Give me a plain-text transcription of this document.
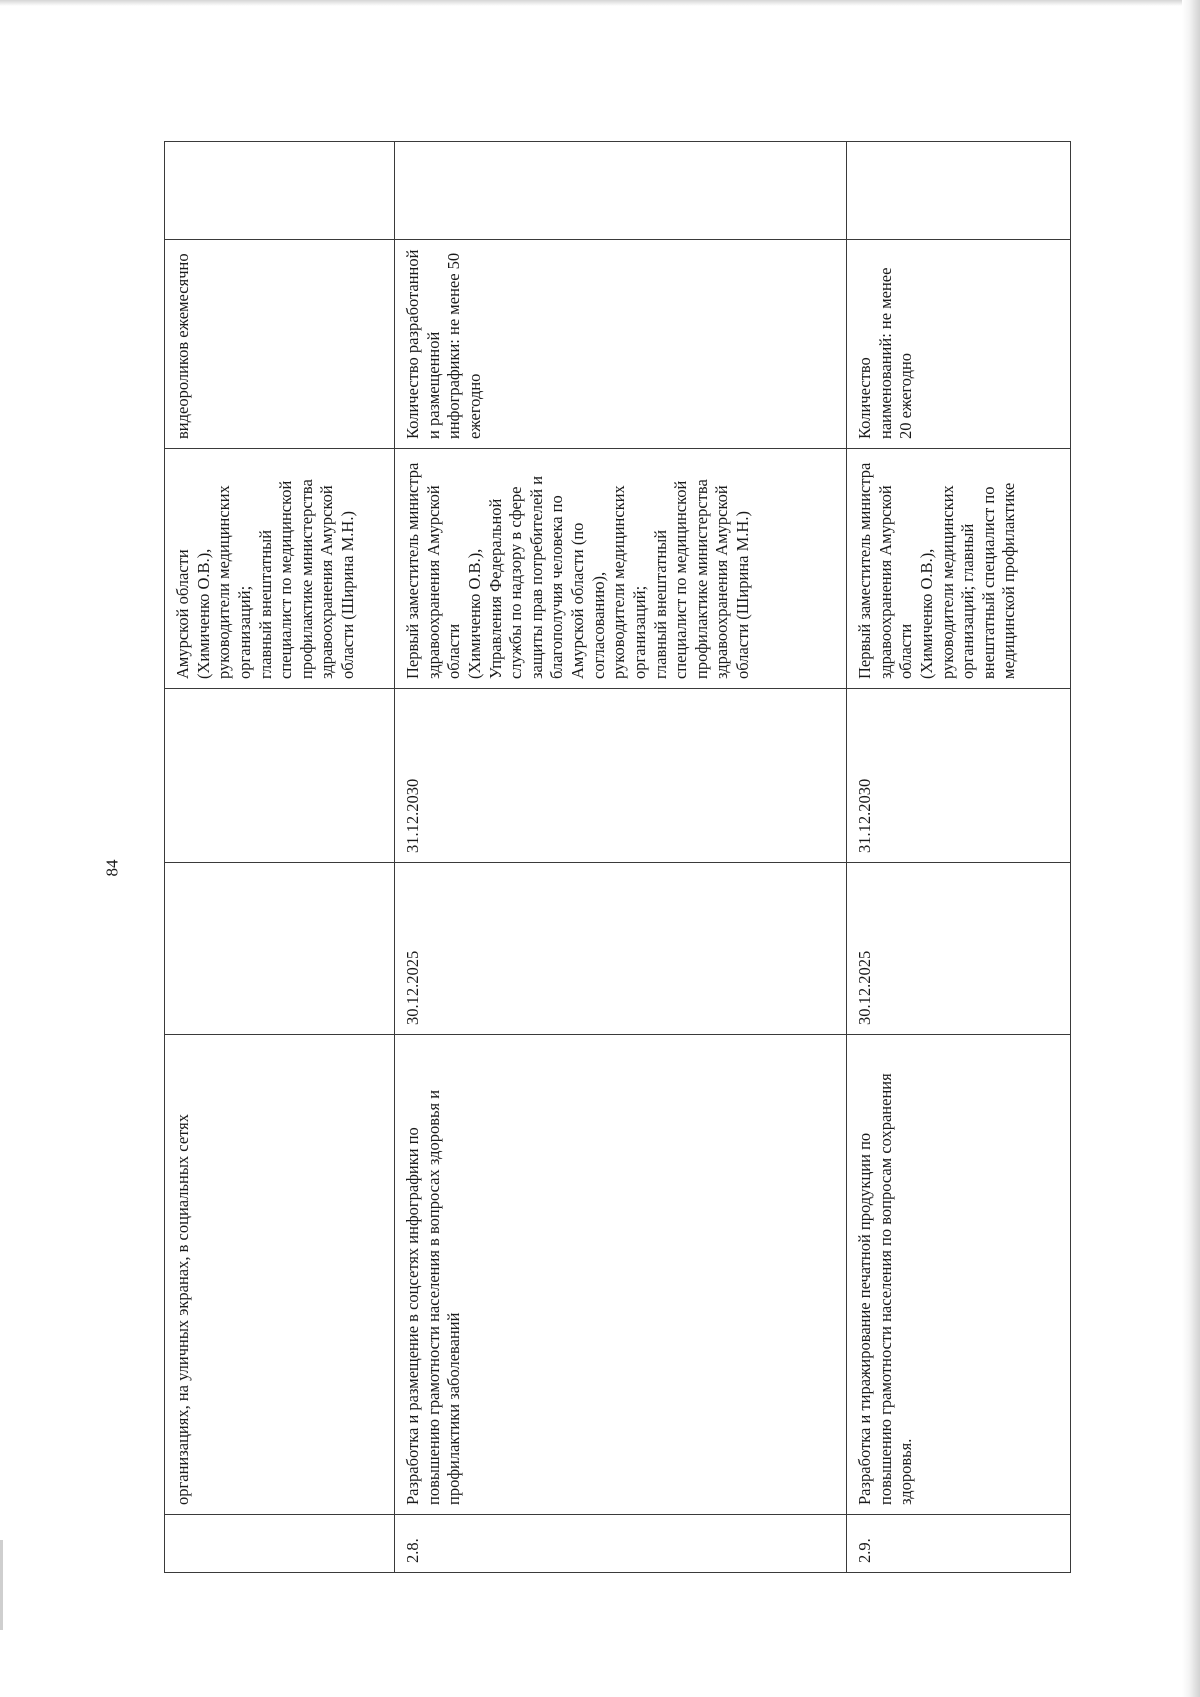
84
	организациях, на уличных экранах, в социальных сетях			Амурской области
(Химиченко О.В.),
руководители медицинских организаций;
главный внештатный специалист по медицинской профилактике министерства здравоохранения Амурской области (Ширина М.Н.)	видеороликов ежемесячно	
2.8.	Разработка и размещение в соцсетях инфографики по повышению грамотности населения в вопросах здоровья и профилактики заболеваний	30.12.2025	31.12.2030	Первый заместитель министра здравоохранения Амурской области
(Химиченко О.В.),
Управления Федеральной службы по надзору в сфере защиты прав потребителей и благополучия человека по Амурской области (по согласованию),
руководители медицинских организаций;
главный внештатный специалист по медицинской профилактике министерства здравоохранения Амурской области (Ширина М.Н.)	Количество разработанной и размещенной инфографики: не менее 50 ежегодно	
2.9.	Разработка и тиражирование печатной продукции по повышению грамотности населения по вопросам сохранения здоровья.	30.12.2025	31.12.2030	Первый заместитель министра здравоохранения Амурской области
(Химиченко О.В.),
руководители медицинских организаций; главный внештатный специалист по медицинской профилактике	Количество наименований: не менее 20 ежегодно	
